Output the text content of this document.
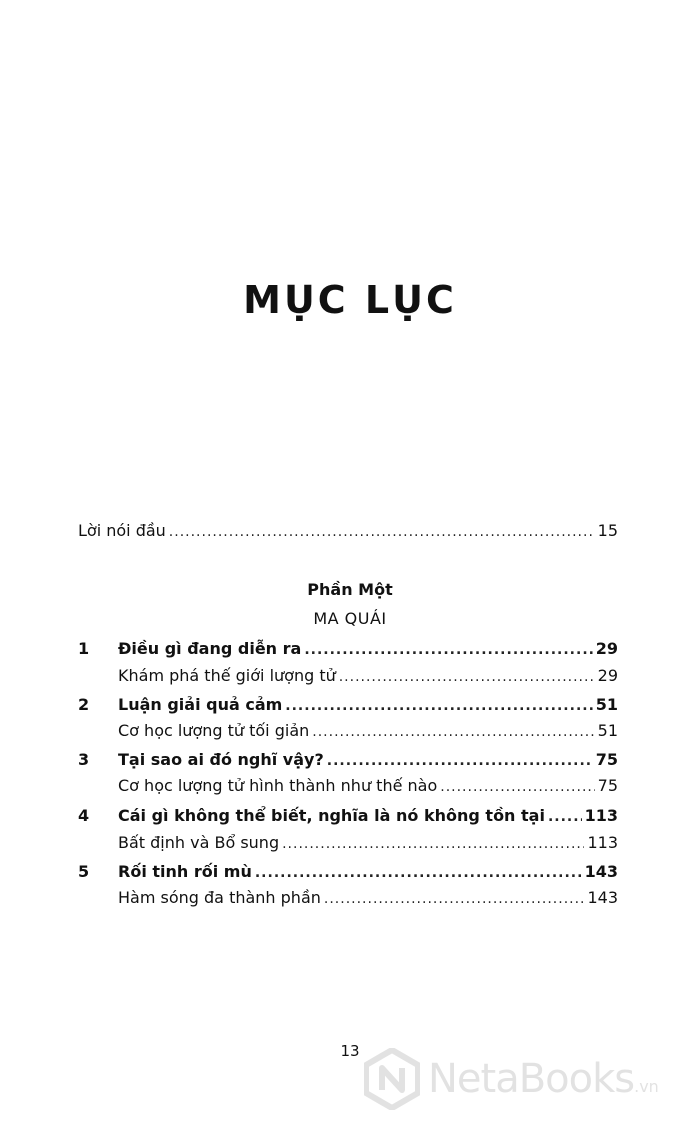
MỤC LỤC
Lời nói đầu .....	15
Phần Một
MA QUÁI
1	Điều gì đang diễn ra .....	29
Khám phá thế giới lượng tử .....	29
2	Luận giải quả cảm .....	51
Cơ học lượng tử tối giản .....	51
3	Tại sao ai đó nghĩ vậy? .....	75
Cơ học lượng tử hình thành như thế nào .....	75
4	Cái gì không thể biết, nghĩa là nó không tồn tại ..... 113
Bất định và Bổ sung .....	113
5	Rối tinh rối mù .....	143
Hàm sóng đa thành phần .....	143
13
NetaBooks.vn
